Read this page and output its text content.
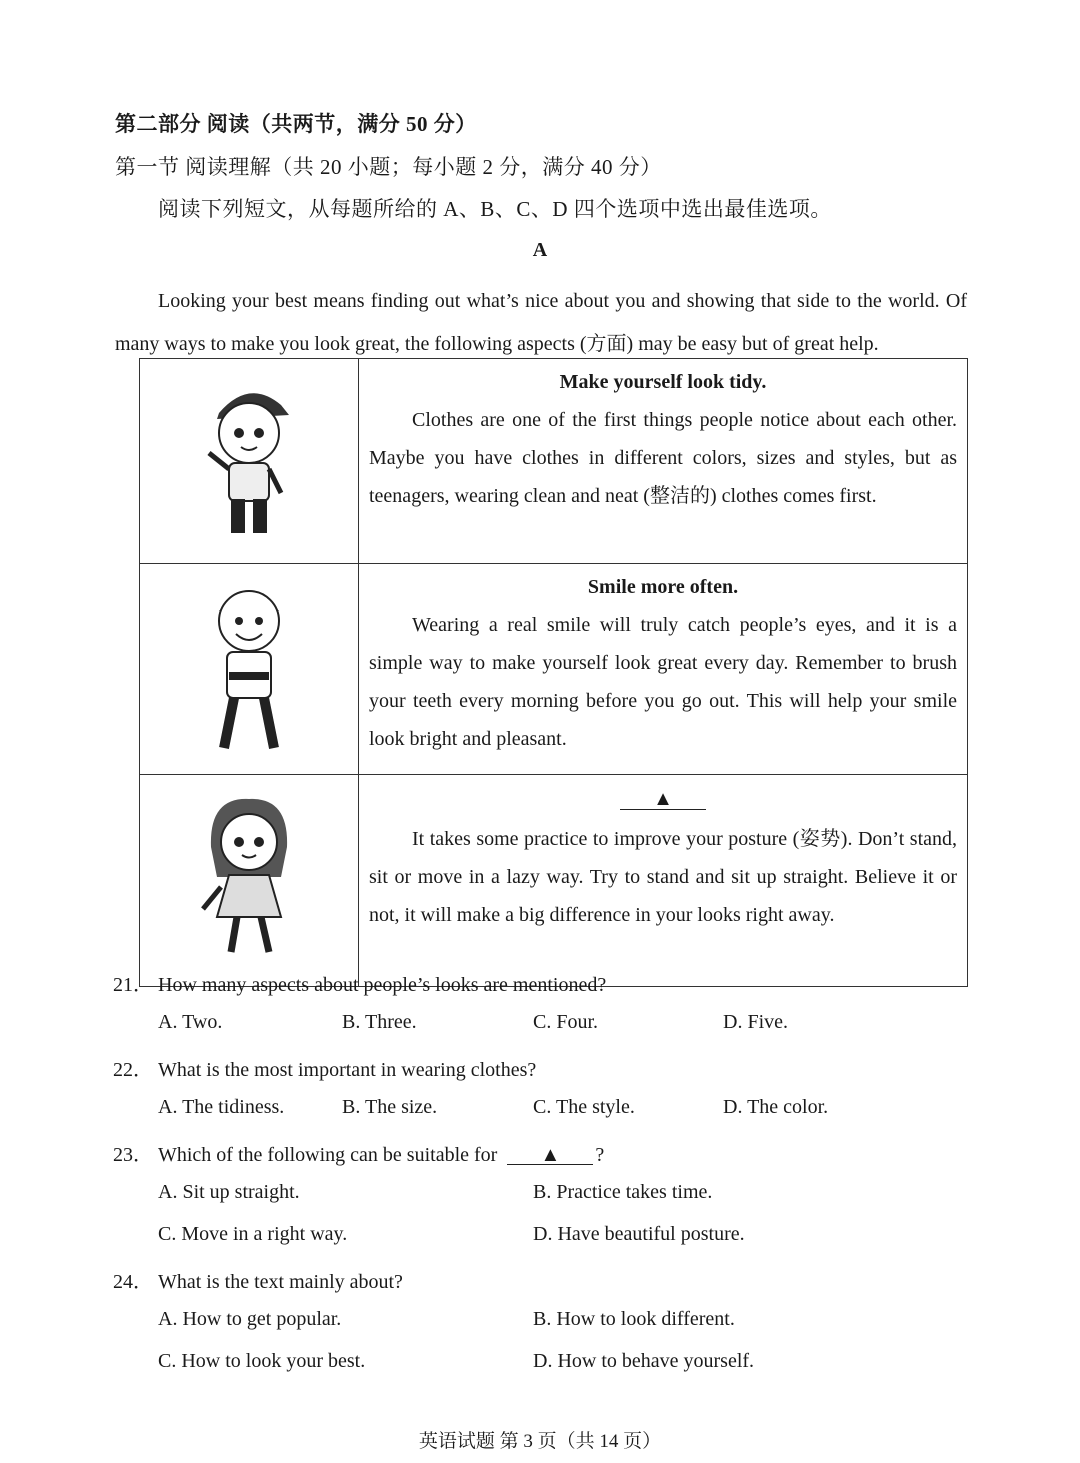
第二部分 阅读（共两节，满分 50 分）
第一节 阅读理解（共 20 小题；每小题 2 分，满分 40 分）
阅读下列短文，从每题所给的 A、B、C、D 四个选项中选出最佳选项。
A
Looking your best means finding out what’s nice about you and showing that side to the world. Of many ways to make you look great, the following aspects (方面) may be easy but of great help.

Make yourself look tidy.
Clothes are one of the first things people notice about each other. Maybe you have clothes in different colors, sizes and styles, but as teenagers, wearing clean and neat (整洁的) clothes comes first.

Smile more often.
Wearing a real smile will truly catch people’s eyes, and it is a simple way to make yourself look great every day. Remember to brush your teeth every morning before you go out. This will help your smile look bright and pleasant.

▲
It takes some practice to improve your posture (姿势). Don’t stand, sit or move in a lazy way. Try to stand and sit up straight. Believe it or not, it will make a big difference in your looks right away.
21． How many aspects about people’s looks are mentioned?
A. Two.	B. Three.	C. Four.	D. Five.
22． What is the most important in wearing clothes?
A. The tidiness.	B. The size.	C. The style.	D. The color.
23． Which of the following can be suitable for ▲ ?
A. Sit up straight.	B. Practice takes time.
C. Move in a right way.	D. Have beautiful posture.
24． What is the text mainly about?
A. How to get popular.	B. How to look different.
C. How to look your best.	D. How to behave yourself.
英语试题 第 3 页（共 14 页）
